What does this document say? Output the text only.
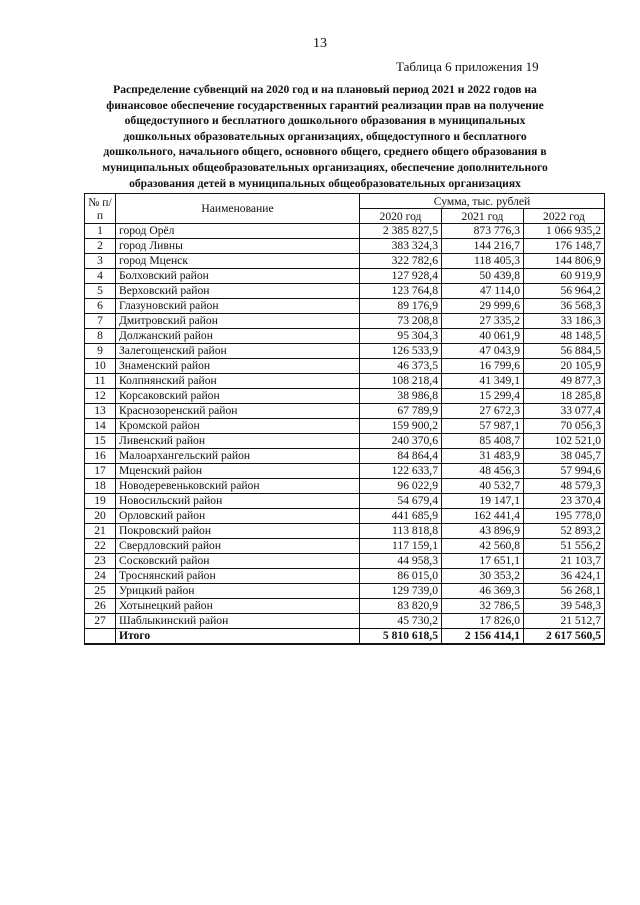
13
Таблица 6 приложения 19
Распределение субвенций на 2020 год и на плановый период 2021 и 2022 годов на
финансовое обеспечение государственных гарантий реализации прав на получение
общедоступного и бесплатного дошкольного образования в муниципальных
дошкольных образовательных организациях, общедоступного и бесплатного
дошкольного, начального общего, основного общего, среднего общего образования в
муниципальных общеобразовательных организациях, обеспечение дополнительного
образования детей в муниципальных общеобразовательных организациях
№ п/п	Наименование	Сумма, тыс. рублей		
		2020 год	2021 год	2022 год
1	город Орёл	2 385 827,5	873 776,3	1 066 935,2
2	город Ливны	383 324,3	144 216,7	176 148,7
3	город Мценск	322 782,6	118 405,3	144 806,9
4	Болховский район	127 928,4	50 439,8	60 919,9
5	Верховский район	123 764,8	47 114,0	56 964,2
6	Глазуновский район	89 176,9	29 999,6	36 568,3
7	Дмитровский район	73 208,8	27 335,2	33 186,3
8	Должанский район	95 304,3	40 061,9	48 148,5
9	Залегощенский район	126 533,9	47 043,9	56 884,5
10	Знаменский район	46 373,5	16 799,6	20 105,9
11	Колпнянский район	108 218,4	41 349,1	49 877,3
12	Корсаковский район	38 986,8	15 299,4	18 285,8
13	Краснозоренский район	67 789,9	27 672,3	33 077,4
14	Кромской район	159 900,2	57 987,1	70 056,3
15	Ливенский район	240 370,6	85 408,7	102 521,0
16	Малоархангельский район	84 864,4	31 483,9	38 045,7
17	Мценский район	122 633,7	48 456,3	57 994,6
18	Новодеревеньковский район	96 022,9	40 532,7	48 579,3
19	Новосильский район	54 679,4	19 147,1	23 370,4
20	Орловский район	441 685,9	162 441,4	195 778,0
21	Покровский район	113 818,8	43 896,9	52 893,2
22	Свердловский район	117 159,1	42 560,8	51 556,2
23	Сосковский район	44 958,3	17 651,1	21 103,7
24	Троснянский район	86 015,0	30 353,2	36 424,1
25	Урицкий район	129 739,0	46 369,3	56 268,1
26	Хотынецкий район	83 820,9	32 786,5	39 548,3
27	Шаблыкинский район	45 730,2	17 826,0	21 512,7
	Итого	5 810 618,5	2 156 414,1	2 617 560,5
